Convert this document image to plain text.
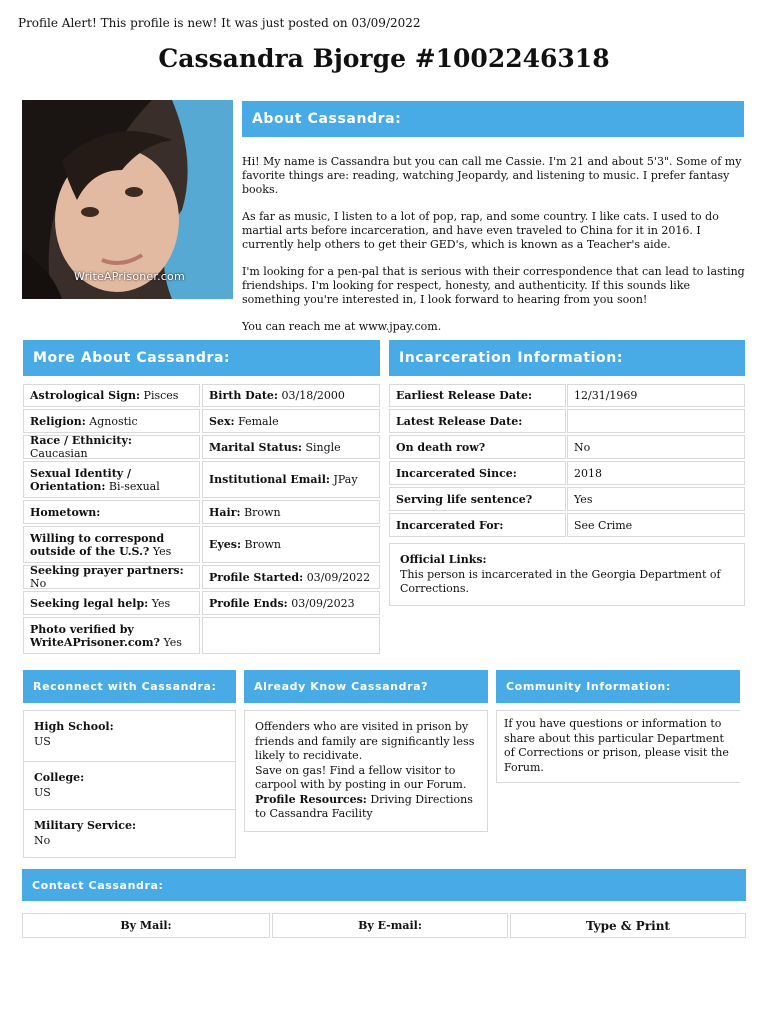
Profile Alert! This profile is new! It was just posted on 03/09/2022
Cassandra Bjorge #1002246318
WriteAPrisoner.com
About Cassandra:

Hi! My name is Cassandra but you can call me Cassie. I'm 21 and about 5'3". Some of my favorite things are: reading, watching Jeopardy, and listening to music. I prefer fantasy books.

As far as music, I listen to a lot of pop, rap, and some country. I like cats. I used to do martial arts before incarceration, and have even traveled to China for it in 2016. I currently help others to get their GED's, which is known as a Teacher's aide.

I'm looking for a pen-pal that is serious with their correspondence that can lead to lasting friendships. I'm looking for respect, honesty, and authenticity. If this sounds like something you're interested in, I look forward to hearing from you soon!

You can reach me at www.jpay.com.

More About Cassandra:
Astrological Sign: Pisces	Birth Date: 03/18/2000
Religion: Agnostic	Sex: Female
Race / Ethnicity: Caucasian	Marital Status: Single
Sexual Identity /
Orientation: Bi-sexual	Institutional Email: JPay
Hometown:	Hair: Brown
Willing to correspond
outside of the U.S.? Yes	Eyes: Brown
Seeking prayer partners: No	Profile Started: 03/09/2022
Seeking legal help: Yes	Profile Ends: 03/09/2023
Photo verified by
WriteAPrisoner.com? Yes
Incarceration Information:
Earliest Release Date:	12/31/1969
Latest Release Date:
On death row?	No
Incarcerated Since:	2018
Serving life sentence?	Yes
Incarcerated For:	See Crime
Official Links:
This person is incarcerated in the Georgia Department of Corrections.
Reconnect with Cassandra:
High School:
US
College:
US
Military Service:
No
Already Know Cassandra?
Offenders who are visited in prison by friends and family are significantly less likely to recidivate.
Save on gas! Find a fellow visitor to carpool with by posting in our Forum.
Profile Resources: Driving Directions to Cassandra Facility
Community Information:
If you have questions or information to share about this particular Department of Corrections or prison, please visit the Forum.
Contact Cassandra:
By Mail:	By E-mail:	Type & Print
